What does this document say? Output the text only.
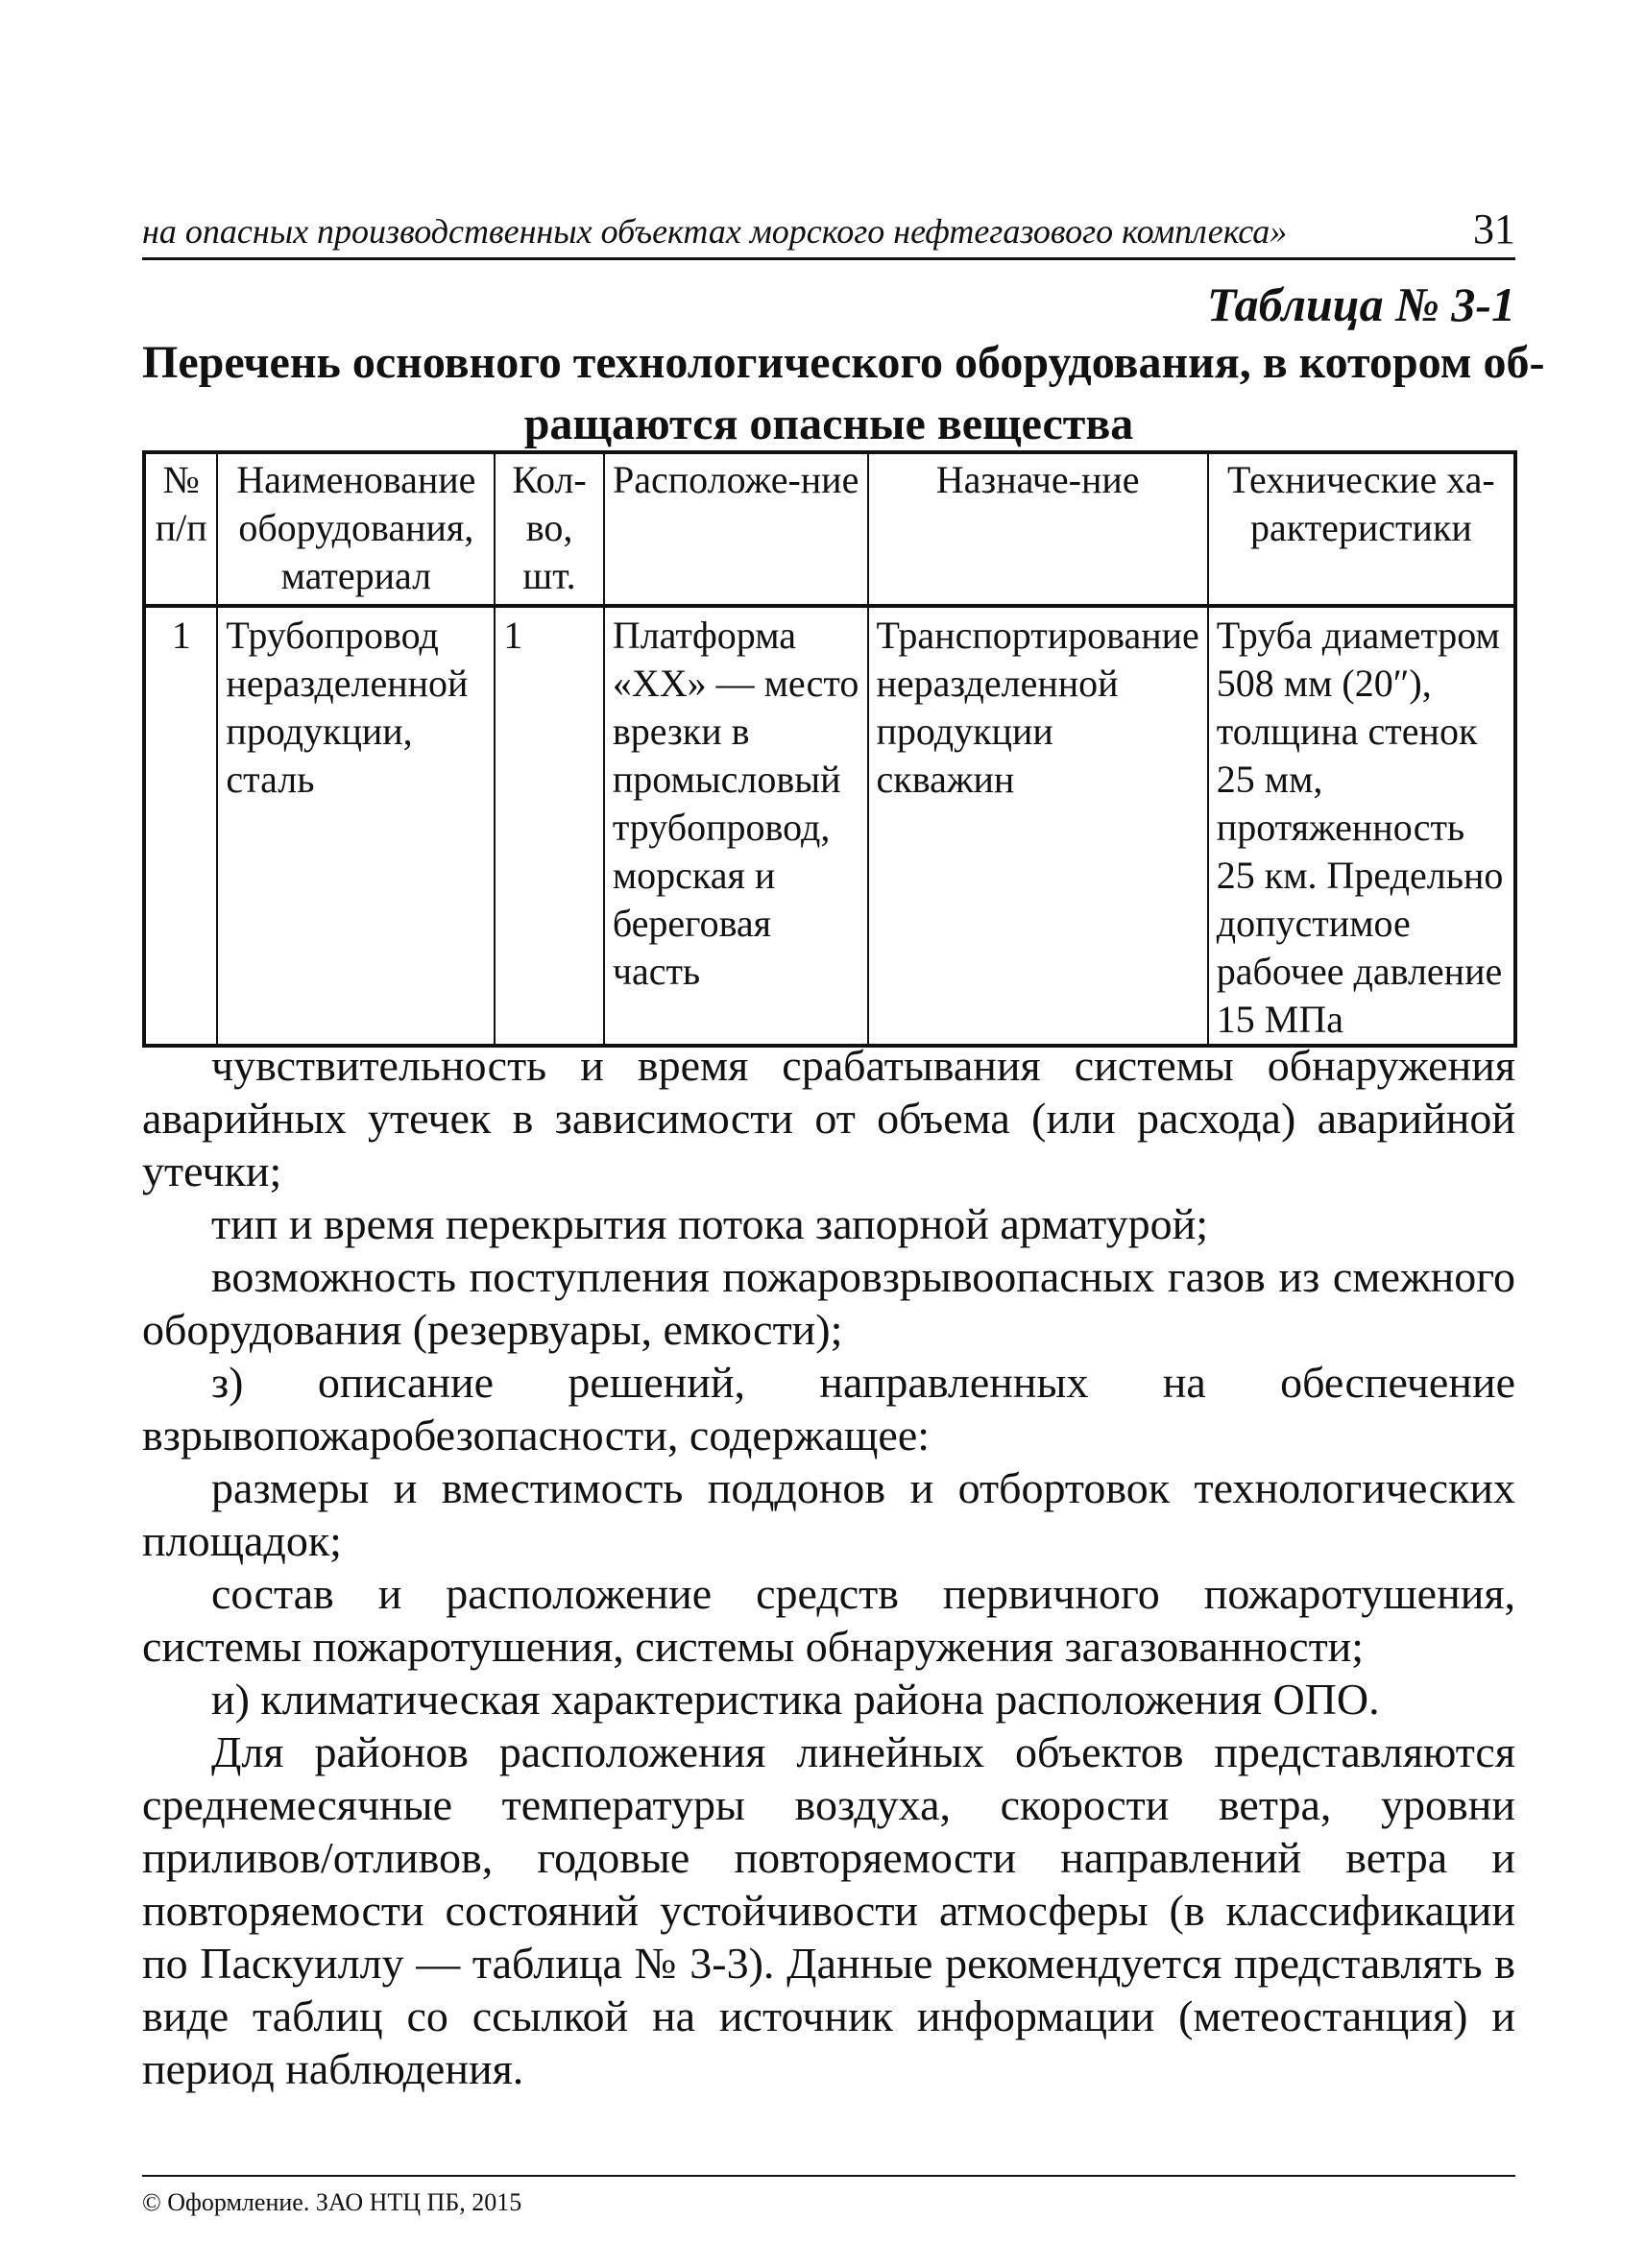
на опасных производственных объектах морского нефтегазового комплекса»	31
Таблица № 3-1
Перечень основного технологического оборудования, в котором об-
ращаются опасные вещества
№ п/п	Наименование оборудования, материал	Кол-во, шт.	Расположе-ние	Назначе-ние	Технические ха-рактеристики
1	Трубопровод неразделенной продукции, сталь	1	Платформа «XX» — место врезки в промысловый трубопровод, морская и береговая часть	Транспортирование неразделенной продукции скважин	Труба диаметром 508 мм (20″), толщина стенок 25 мм, протяженность 25 км. Предельно допустимое рабочее давление 15 МПа

чувствительность и время срабатывания системы обнаружения аварийных утечек в зависимости от объема (или расхода) аварийной утечки;

тип и время перекрытия потока запорной арматурой;

возможность поступления пожаровзрывоопасных газов из смежного оборудования (резервуары, емкости);

з) описание решений, направленных на обеспечение взрывопожаробезопасности, содержащее:

размеры и вместимость поддонов и отбортовок технологических площадок;

состав и расположение средств первичного пожаротушения, системы пожаротушения, системы обнаружения загазованности;

и) климатическая характеристика района расположения ОПО.

Для районов расположения линейных объектов представляются среднемесячные температуры воздуха, скорости ветра, уровни приливов/отливов, годовые повторяемости направлений ветра и повторяемости состояний устойчивости атмосферы (в классификации по Паскуиллу — таблица № 3-3). Данные рекомендуется представлять в виде таблиц со ссылкой на источник информации (метеостанция) и период наблюдения.

© Оформление. ЗАО НТЦ ПБ, 2015
